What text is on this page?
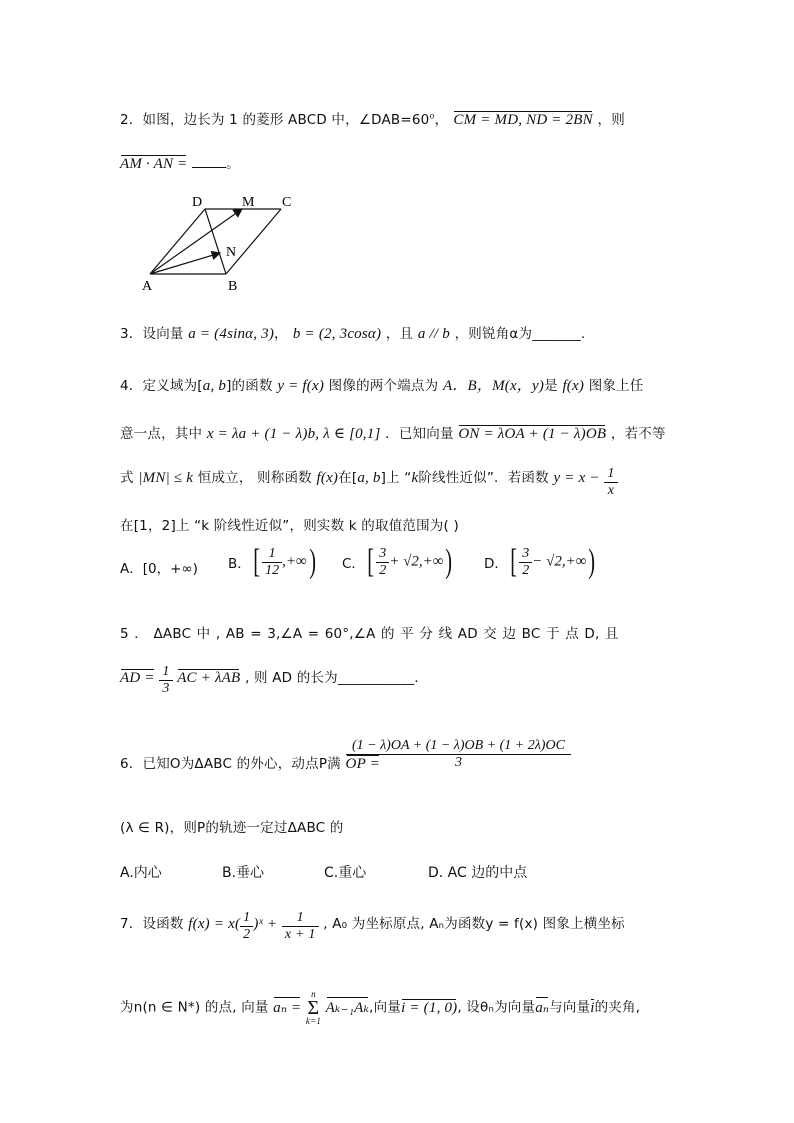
2．如图，边长为 1 的菱形 ABCD 中，$\angle DAB=60^o$， CM = MD, ND = 2BN ，则
AM · AN =	。
A	B
C
D	M
N
3．设向量 a = (4sinα, 3)， b = (2, 3cosα) ，且 a // b ，则锐角α为_______.
4．定义域为[a, b]的函数 y = f(x) 图像的两个端点为 A．B，M(x，y)是 f(x) 图象上任
意一点，其中 x = λa + (1 − λ)b, λ ∈ [0,1] ．已知向量 ON = λOA + (1 − λ)OB ，若不等
式 |MN| ≤ k 恒成立， 则称函数 f(x)在[a, b]上 “k阶线性近似”．若函数 $y = x - \frac{1}{x}$
在[1，2]上 “k 阶线性近似”，则实数 k 的取值范围为( )
A．[0，+∞) B．[ $\frac{1}{12}$ ,+∞) C．[ $\frac{3}{2} + √2,+\infty$) D．[ $\frac{3}{2} - √2,+\infty$)
5 ． ΔABC 中 , AB = 3,∠A = 60°,∠A 的 平 分 线 AD 交 边 BC 于 点 D, 且
AD = $\frac{1}{3}$ AC + λAB , 则 AD 的长为___________.
6．已知O为ΔABC 的外心，动点P满 OP =
$\frac{(1 - \lambda)OA + (1 - \lambda)OB + (1 + 2\lambda)OC}{3}$
(λ ∈ R)，则P的轨迹一定过ΔABC 的
A.内心	B.垂心	C.重心	D. AC 边的中点
7．设函数 $f(x) = x( \frac{1}{2}$ )ˣ + $\frac{1}{x + 1}$ , A₀ 为坐标原点, Aₙ为函数y = f(x) 图象上横坐标
为n(n ∈ N*) 的点, 向量 aₙ =
n
Σ
k=1
Aₖ₋₁Aₖ,向量i = (1, 0), 设θₙ为向量aₙ与向量i的夹角,
